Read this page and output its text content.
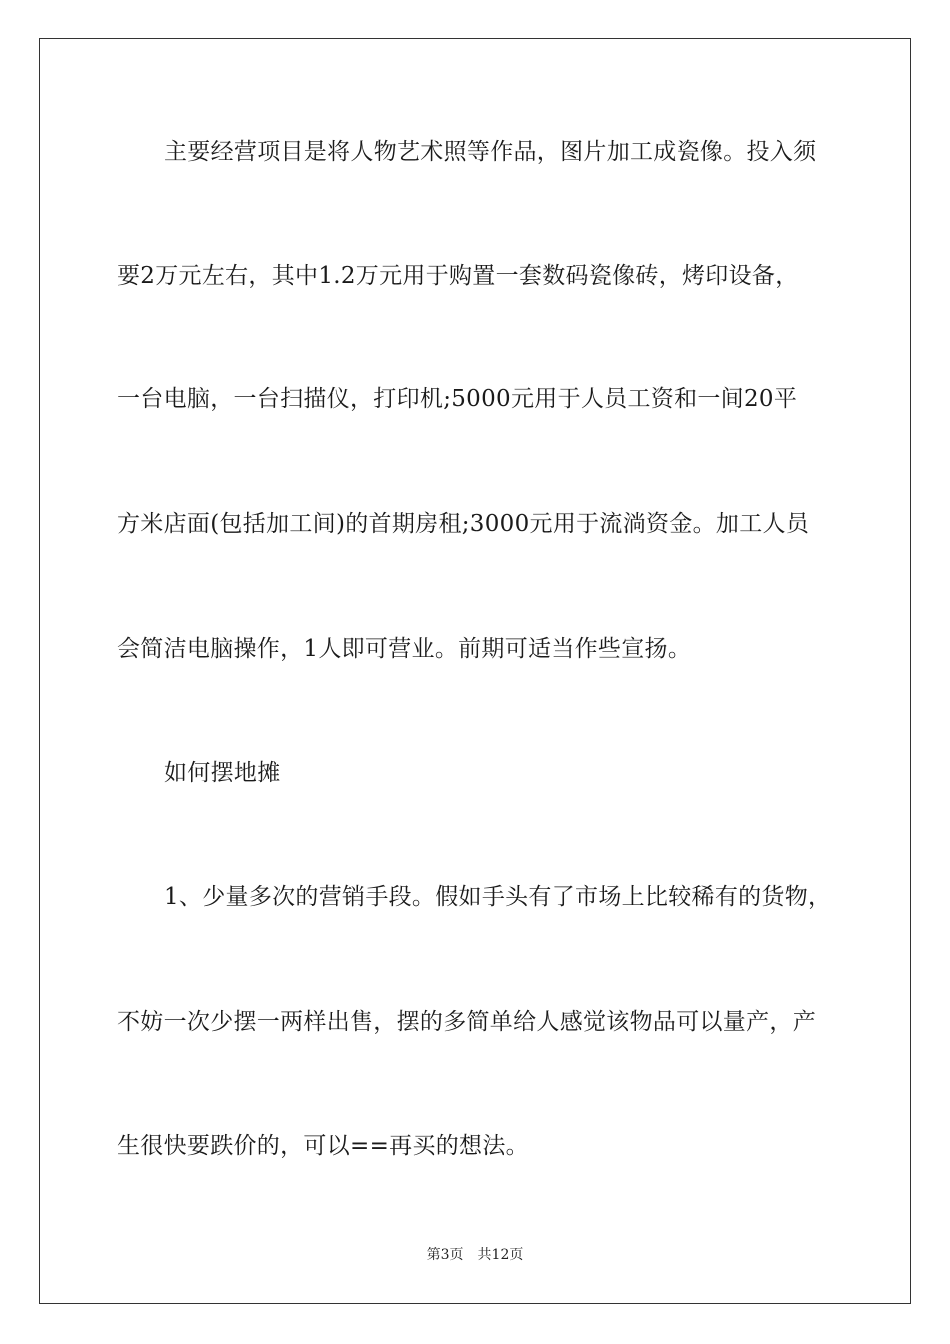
主要经营项目是将人物艺术照等作品，图片加工成瓷像。投入须
要2万元左右，其中1.2万元用于购置一套数码瓷像砖，烤印设备，
一台电脑，一台扫描仪，打印机;5000元用于人员工资和一间20平
方米店面(包括加工间)的首期房租;3000元用于流淌资金。加工人员
会简洁电脑操作，1人即可营业。前期可适当作些宣扬。
如何摆地摊
1、少量多次的营销手段。假如手头有了市场上比较稀有的货物，
不妨一次少摆一两样出售，摆的多简单给人感觉该物品可以量产，产
生很快要跌价的，可以==再买的想法。
第3页 共12页
